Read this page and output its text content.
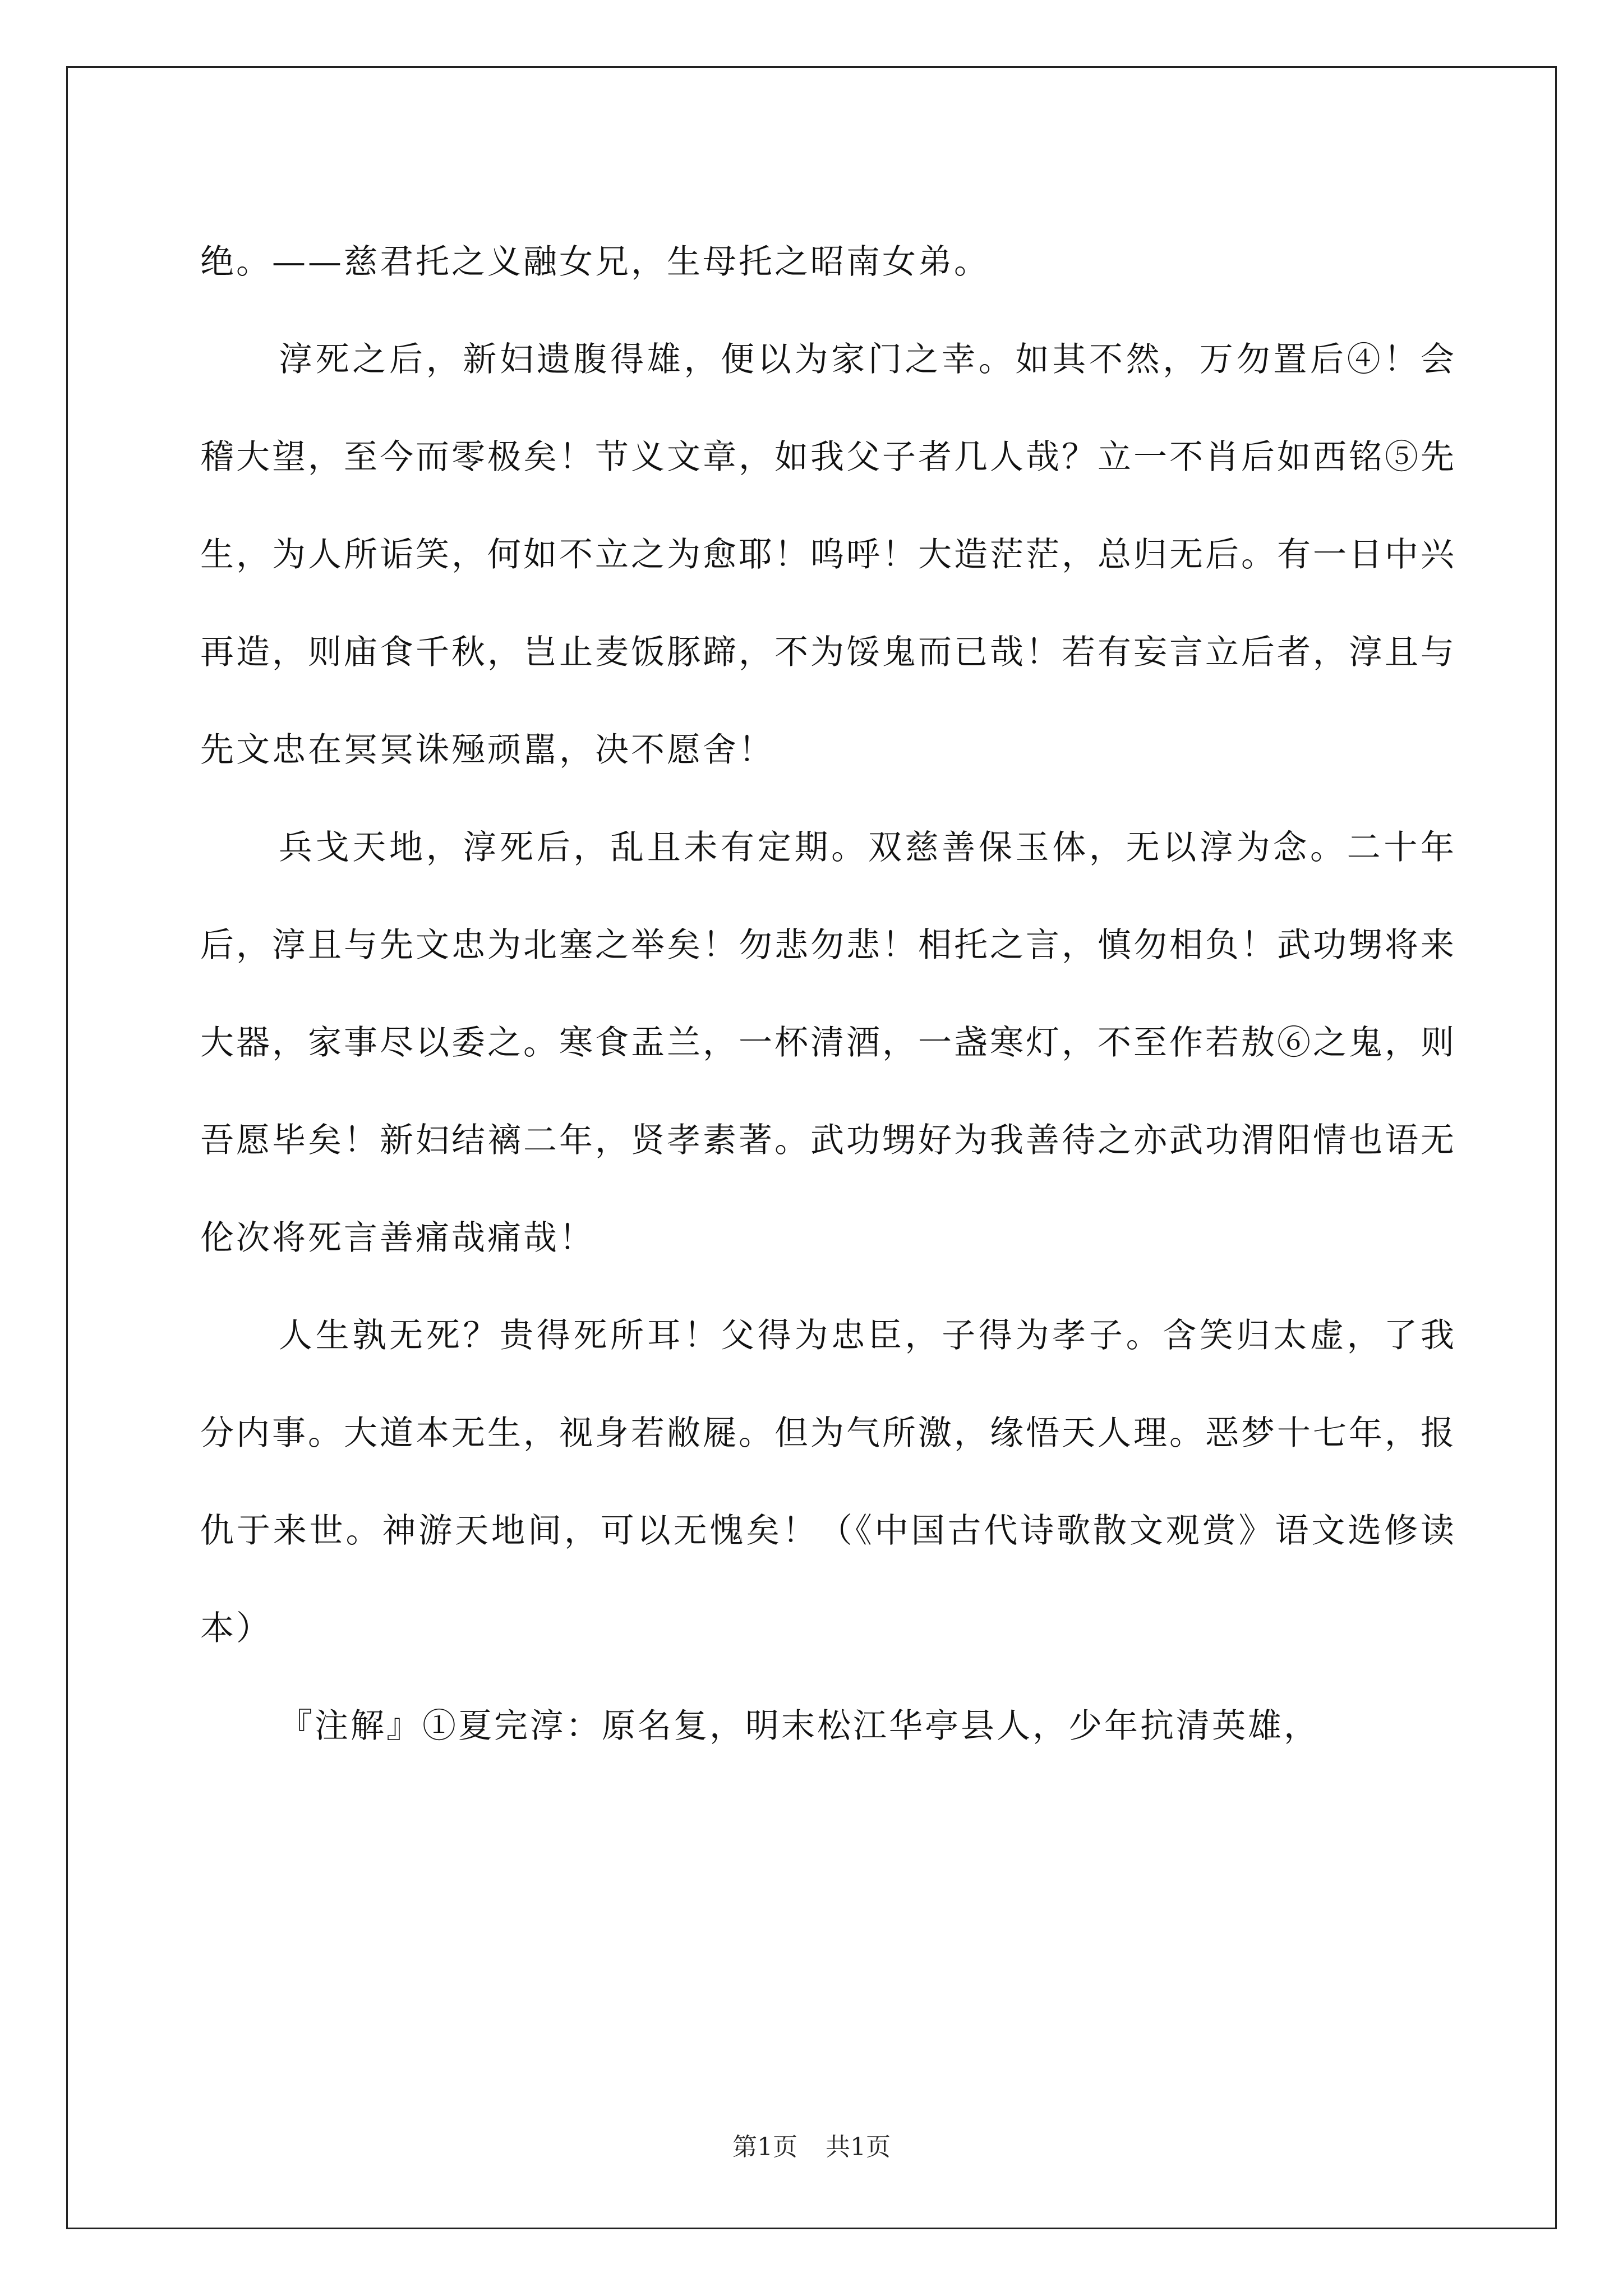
绝。——慈君托之义融女兄，生母托之昭南女弟。

淳死之后，新妇遗腹得雄，便以为家门之幸。如其不然，万勿置后④！会稽大望，至今而零极矣！节义文章，如我父子者几人哉？立一不肖后如西铭⑤先生，为人所诟笑，何如不立之为愈耶！呜呼！大造茫茫，总归无后。有一日中兴再造，则庙食千秋，岂止麦饭豚蹄，不为馁鬼而已哉！若有妄言立后者，淳且与先文忠在冥冥诛殛顽嚚，决不愿舍！

兵戈天地，淳死后，乱且未有定期。双慈善保玉体，无以淳为念。二十年后，淳且与先文忠为北塞之举矣！勿悲勿悲！相托之言，慎勿相负！武功甥将来大器，家事尽以委之。寒食盂兰，一杯清酒，一盏寒灯，不至作若敖⑥之鬼，则吾愿毕矣！新妇结褵二年，贤孝素著。武功甥好为我善待之亦武功渭阳情也语无伦次将死言善痛哉痛哉！

人生孰无死？贵得死所耳！父得为忠臣，子得为孝子。含笑归太虚，了我分内事。大道本无生，视身若敝屣。但为气所激，缘悟天人理。恶梦十七年，报仇于来世。神游天地间，可以无愧矣！（《中国古代诗歌散文观赏》语文选修读本）

『注解』①夏完淳：原名复，明末松江华亭县人，少年抗清英雄，

第1页 共1页
